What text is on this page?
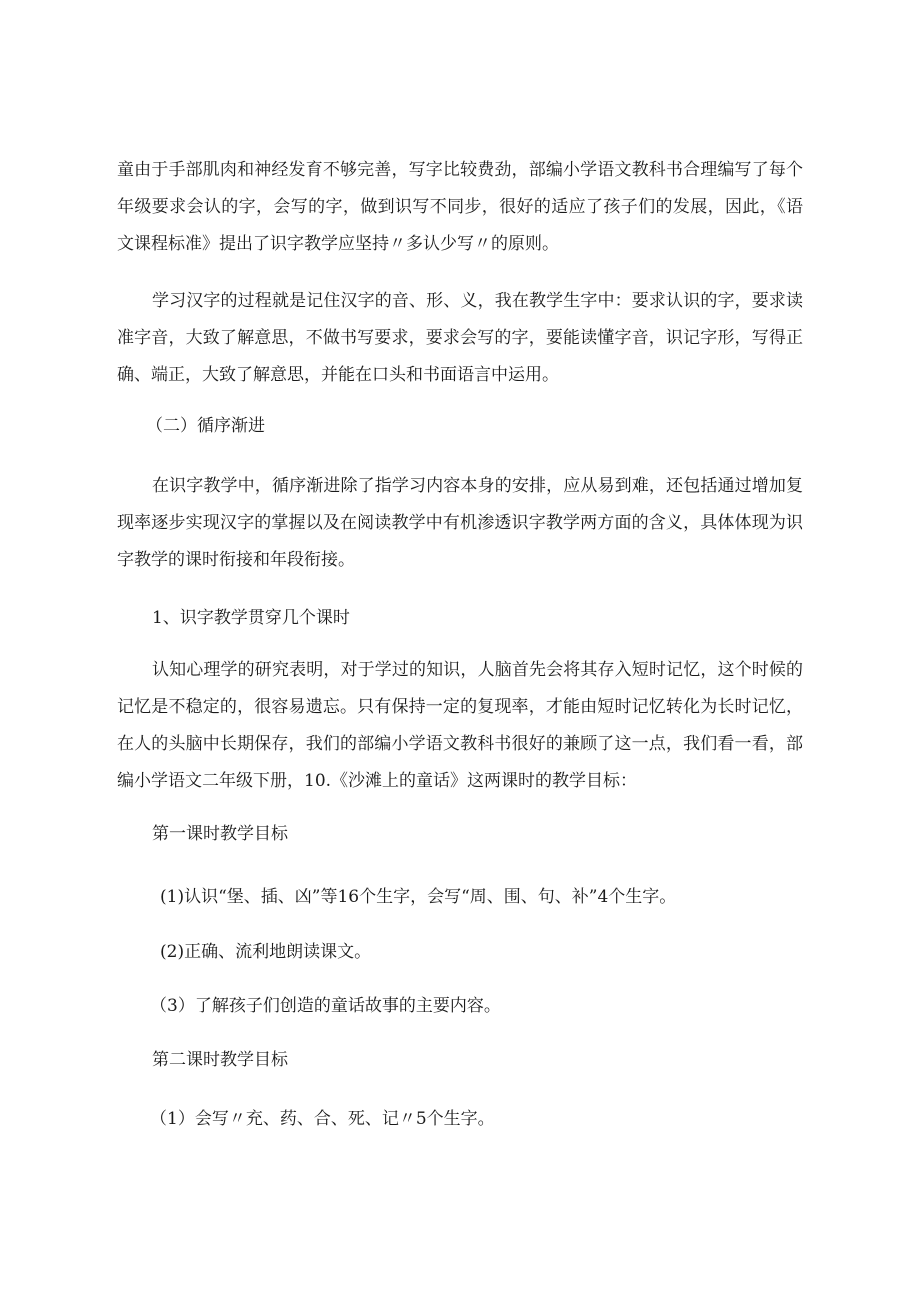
童由于手部肌肉和神经发育不够完善，写字比较费劲，部编小学语文教科书合理编写了每个
年级要求会认的字，会写的字，做到识写不同步，很好的适应了孩子们的发展，因此，《语
文课程标准》提出了识字教学应坚持〃多认少写〃的原则。
学习汉字的过程就是记住汉字的音、形、义，我在教学生字中：要求认识的字，要求读
准字音，大致了解意思，不做书写要求，要求会写的字，要能读懂字音，识记字形，写得正
确、端正，大致了解意思，并能在口头和书面语言中运用。
（二）循序渐进
在识字教学中，循序渐进除了指学习内容本身的安排，应从易到难，还包括通过增加复
现率逐步实现汉字的掌握以及在阅读教学中有机渗透识字教学两方面的含义，具体体现为识
字教学的课时衔接和年段衔接。
1、识字教学贯穿几个课时
认知心理学的研究表明，对于学过的知识，人脑首先会将其存入短时记忆，这个时候的
记忆是不稳定的，很容易遗忘。只有保持一定的复现率，才能由短时记忆转化为长时记忆，
在人的头脑中长期保存，我们的部编小学语文教科书很好的兼顾了这一点，我们看一看，部
编小学语文二年级下册，10.《沙滩上的童话》这两课时的教学目标：
第一课时教学目标
(1)认识“堡、插、凶”等16个生字，会写“周、围、句、补”4个生字。
(2)正确、流利地朗读课文。
（3）了解孩子们创造的童话故事的主要内容。
第二课时教学目标
（1）会写〃充、药、合、死、记〃5个生字。
